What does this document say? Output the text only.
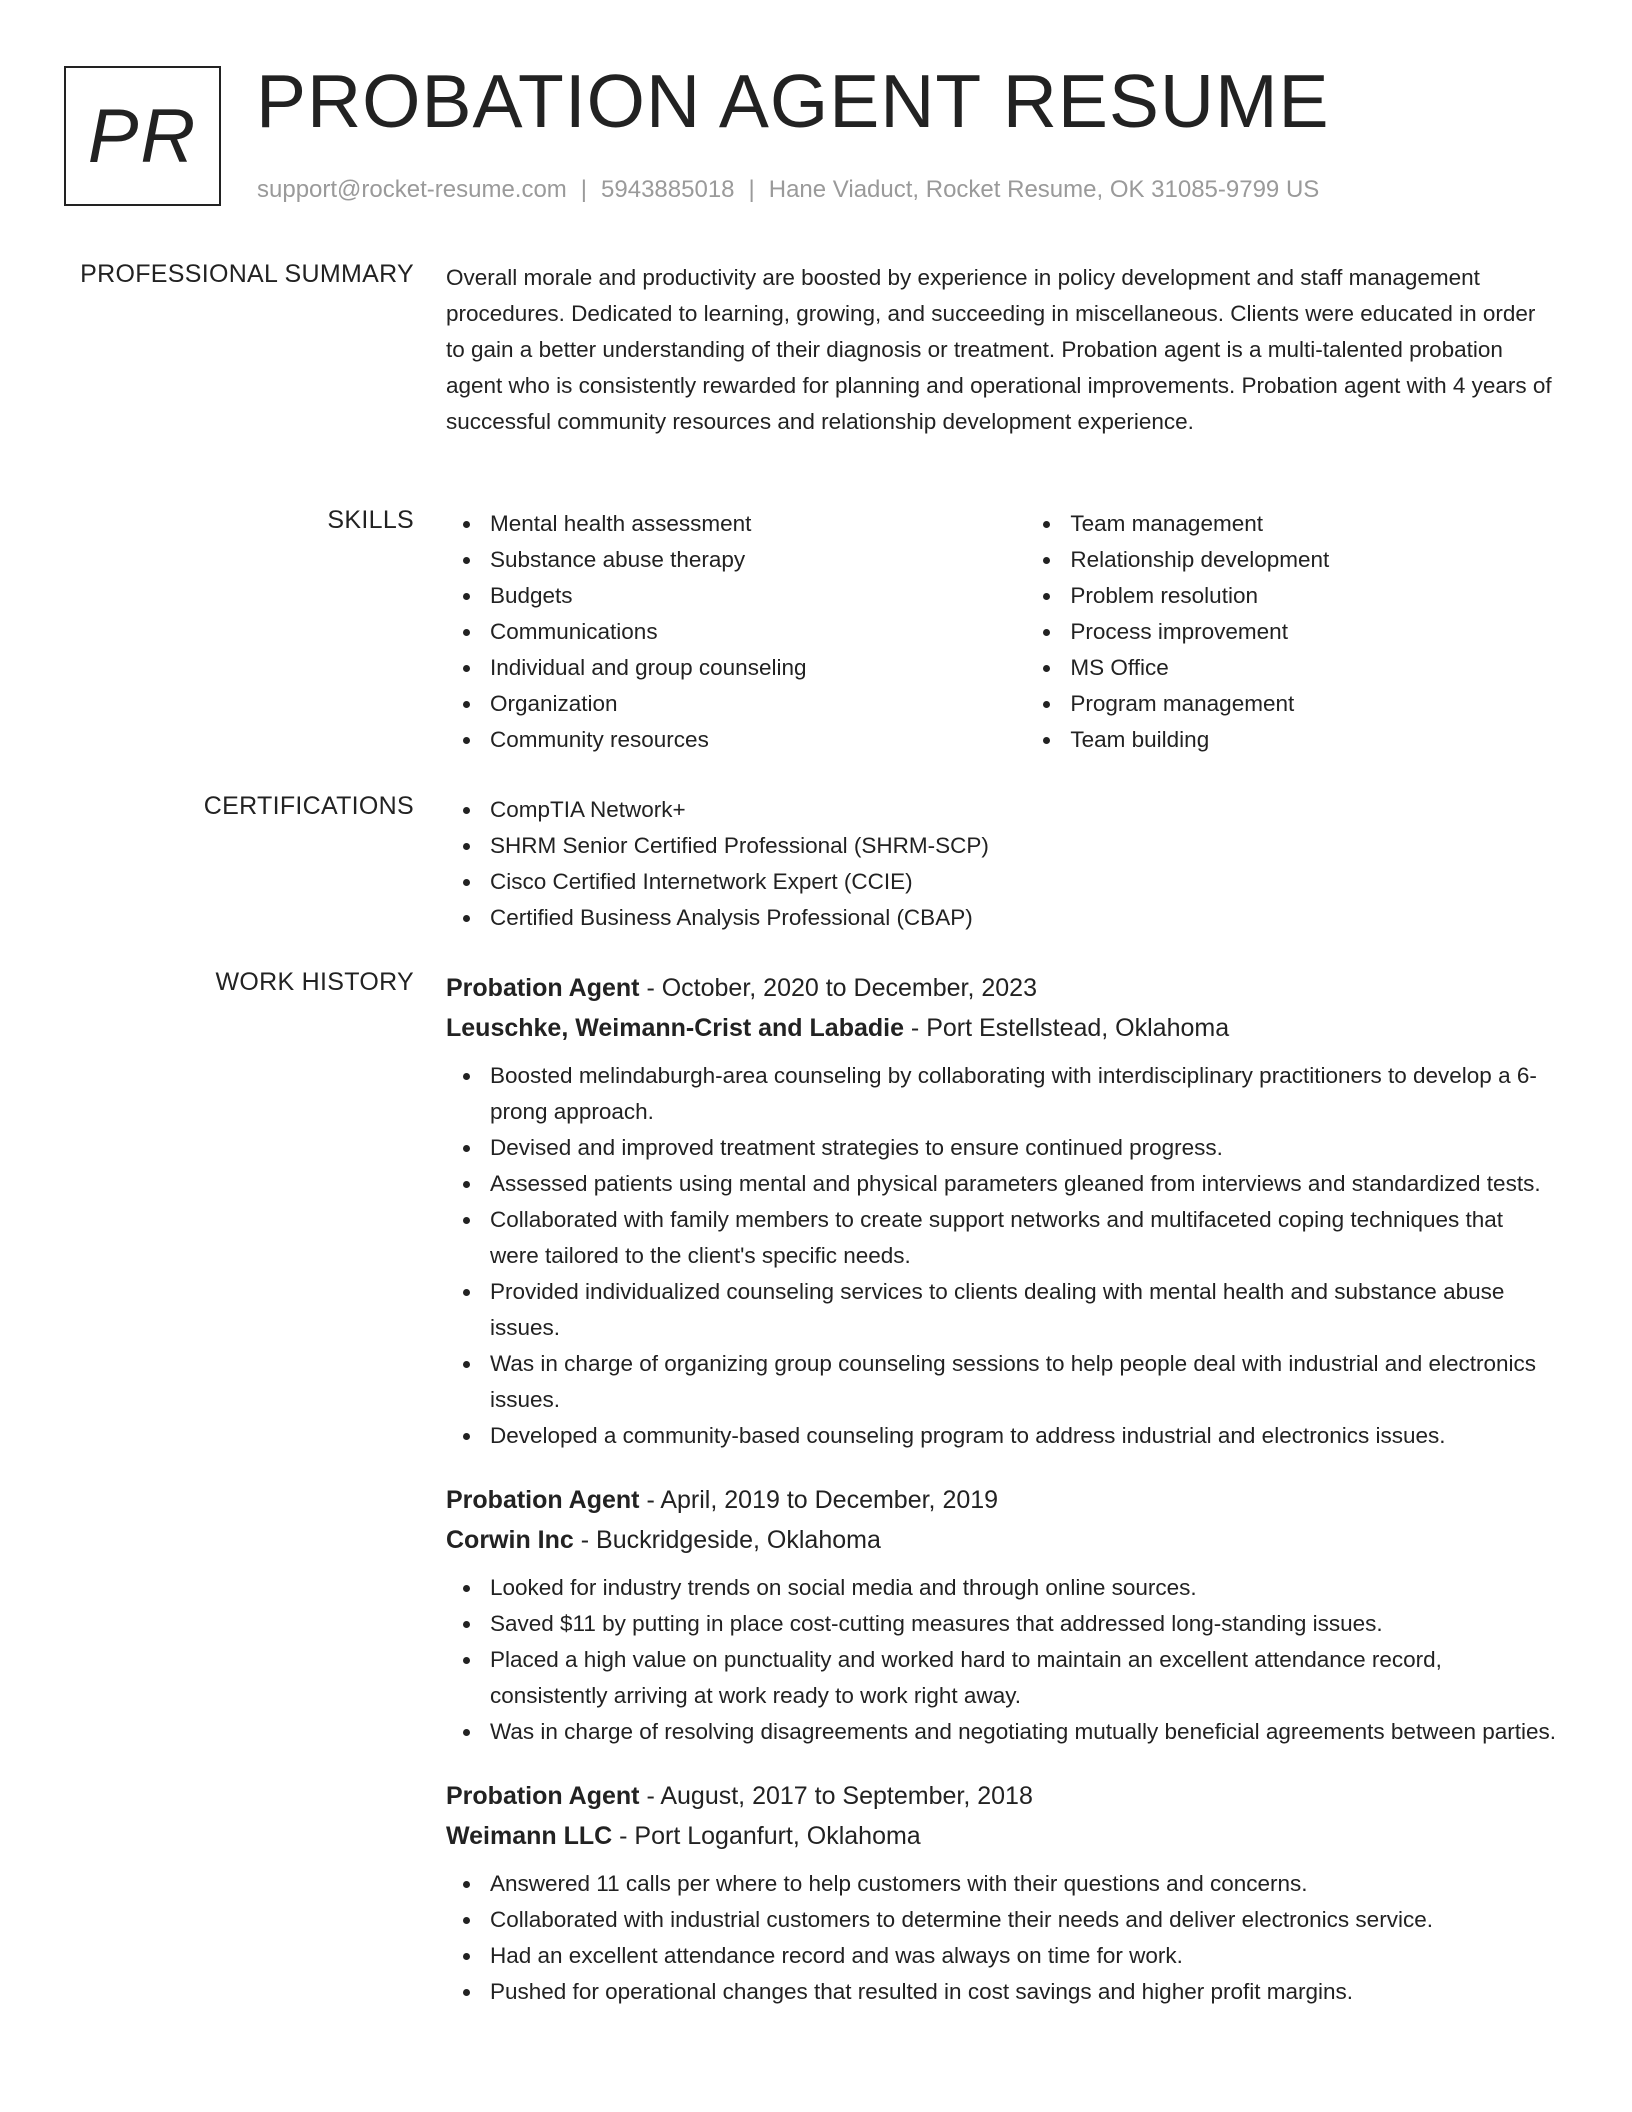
PR PROBATION AGENT RESUME
support@rocket-resume.com | 5943885018 | Hane Viaduct, Rocket Resume, OK 31085-9799 US
PROFESSIONAL SUMMARY Overall morale and productivity are boosted by experience in policy development and staff management procedures. Dedicated to learning, growing, and succeeding in miscellaneous. Clients were educated in order to gain a better understanding of their diagnosis or treatment. Probation agent is a multi-talented probation agent who is consistently rewarded for planning and operational improvements. Probation agent with 4 years of successful community resources and relationship development experience.

SKILLS	Mental health assessment
Substance abuse therapy
Budgets
Communications
Individual and group counseling
Organization
Community resources
Team management
Relationship development
Problem resolution
Process improvement
MS Office
Program management
Team building
CERTIFICATIONS	CompTIA Network+
SHRM Senior Certified Professional (SHRM-SCP)
Cisco Certified Internetwork Expert (CCIE)
Certified Business Analysis Professional (CBAP)
WORK HISTORY Probation Agent - October, 2020 to December, 2023
Leuschke, Weimann-Crist and Labadie - Port Estellstead, Oklahoma
Boosted melindaburgh-area counseling by collaborating with interdisciplinary practitioners to develop a 6-prong approach.
Devised and improved treatment strategies to ensure continued progress.
Assessed patients using mental and physical parameters gleaned from interviews and standardized tests.
Collaborated with family members to create support networks and multifaceted coping techniques that were tailored to the client's specific needs.
Provided individualized counseling services to clients dealing with mental health and substance abuse issues.
Was in charge of organizing group counseling sessions to help people deal with industrial and electronics issues.
Developed a community-based counseling program to address industrial and electronics issues.
Probation Agent - April, 2019 to December, 2019
Corwin Inc - Buckridgeside, Oklahoma
Looked for industry trends on social media and through online sources.
Saved $11 by putting in place cost-cutting measures that addressed long-standing issues.
Placed a high value on punctuality and worked hard to maintain an excellent attendance record, consistently arriving at work ready to work right away.
Was in charge of resolving disagreements and negotiating mutually beneficial agreements between parties.
Probation Agent - August, 2017 to September, 2018
Weimann LLC - Port Loganfurt, Oklahoma
Answered 11 calls per where to help customers with their questions and concerns.
Collaborated with industrial customers to determine their needs and deliver electronics service.
Had an excellent attendance record and was always on time for work.
Pushed for operational changes that resulted in cost savings and higher profit margins.
